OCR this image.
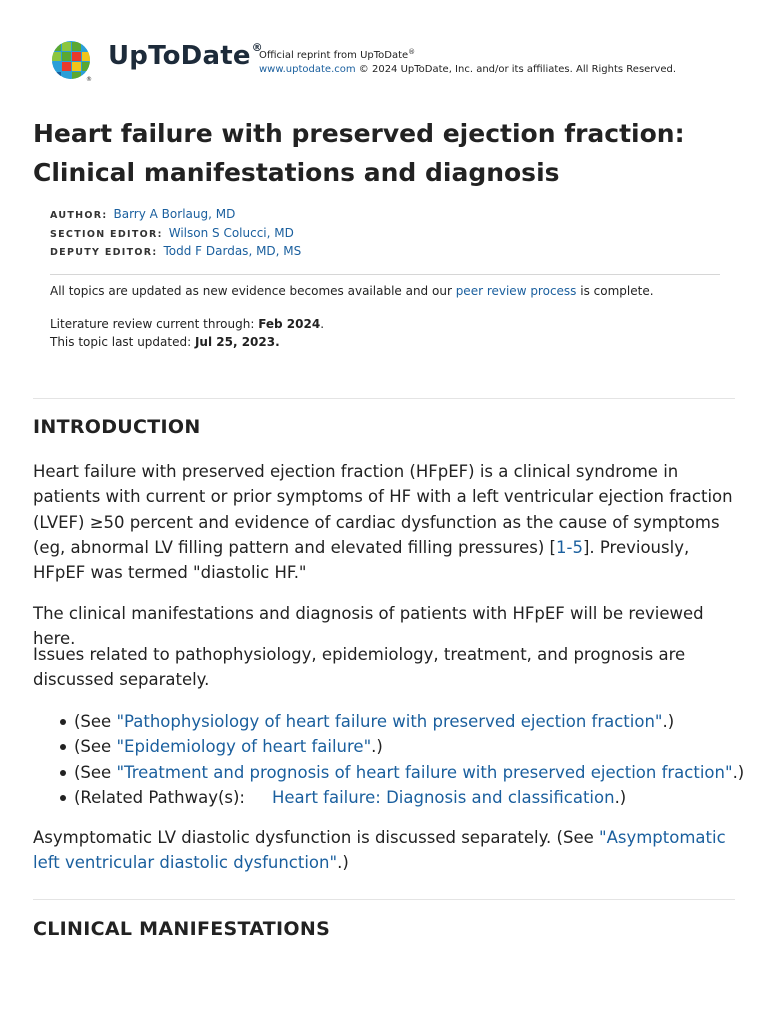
®
UpToDate®
Official reprint from UpToDate®
www.uptodate.com © 2024 UpToDate, Inc. and/or its affiliates. All Rights Reserved.
Heart failure with preserved ejection fraction: Clinical manifestations and diagnosis
AUTHOR: Barry A Borlaug, MD
SECTION EDITOR: Wilson S Colucci, MD
DEPUTY EDITOR: Todd F Dardas, MD, MS
All topics are updated as new evidence becomes available and our peer review process is complete.
Literature review current through: Feb 2024.
This topic last updated: Jul 25, 2023.
INTRODUCTION

Heart failure with preserved ejection fraction (HFpEF) is a clinical syndrome in patients with current or prior symptoms of HF with a left ventricular ejection fraction (LVEF) ≥50 percent and evidence of cardiac dysfunction as the cause of symptoms (eg, abnormal LV filling pattern and elevated filling pressures) [1-5]. Previously, HFpEF was termed "diastolic HF."

The clinical manifestations and diagnosis of patients with HFpEF will be reviewed here.

Issues related to pathophysiology, epidemiology, treatment, and prognosis are discussed separately.

(See "Pathophysiology of heart failure with preserved ejection fraction".)
(See "Epidemiology of heart failure".)
(See "Treatment and prognosis of heart failure with preserved ejection fraction".)
(Related Pathway(s): Heart failure: Diagnosis and classification.)

Asymptomatic LV diastolic dysfunction is discussed separately. (See "Asymptomatic left ventricular diastolic dysfunction".)

CLINICAL MANIFESTATIONS
